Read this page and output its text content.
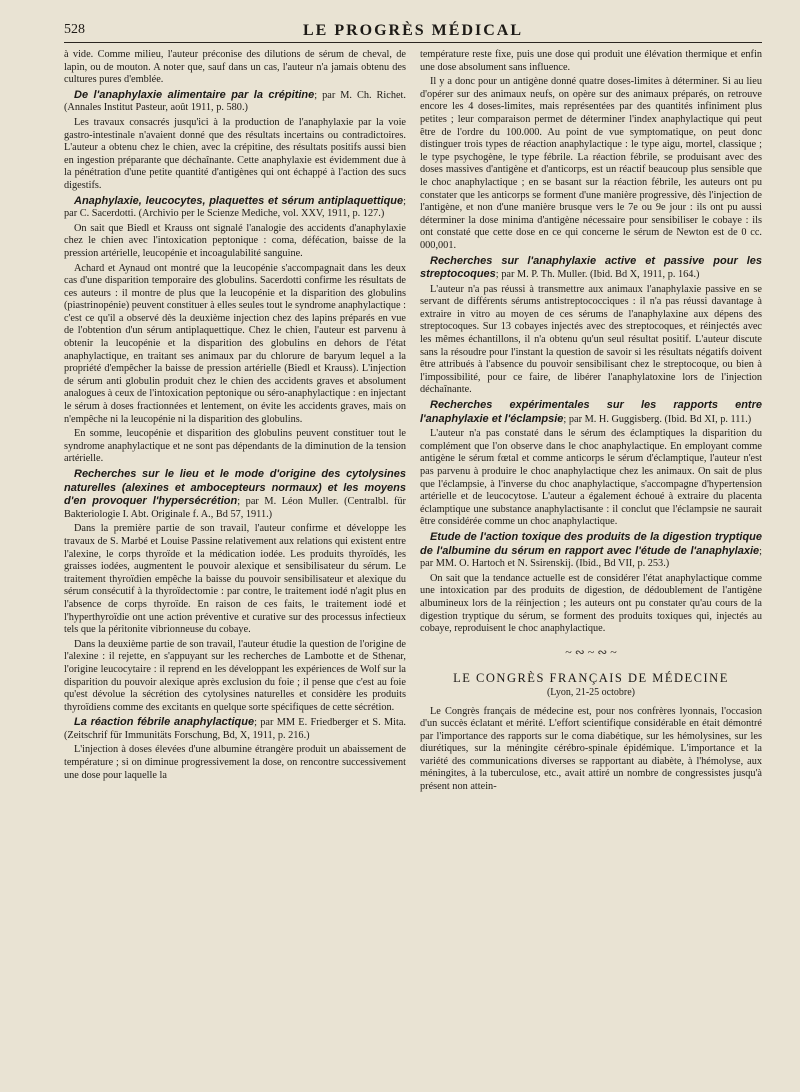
528	LE PROGRÈS MÉDICAL

à vide. Comme milieu, l'auteur préconise des dilutions de sérum de cheval, de lapin, ou de mouton. A noter que, sauf dans un cas, l'auteur n'a jamais obtenu des cultures pures d'emblée.

De l'anaphylaxie alimentaire par la crépitine; par M. Ch. Richet. (Annales Institut Pasteur, août 1911, p. 580.)

Les travaux consacrés jusqu'ici à la production de l'anaphylaxie par la voie gastro-intestinale n'avaient donné que des résultats incertains ou contradictoires. L'auteur a obtenu chez le chien, avec la crépitine, des résultats positifs aussi bien en ingestion préparante que déchaînante. Cette anaphylaxie est évidemment due à la pénétration d'une petite quantité d'antigènes qui ont échappé à l'action des sucs digestifs.

Anaphylaxie, leucocytes, plaquettes et sérum antiplaquettique; par C. Sacerdotti. (Archivio per le Scienze Mediche, vol. XXV, 1911, p. 127.)

On sait que Biedl et Krauss ont signalé l'analogie des accidents d'anaphylaxie chez le chien avec l'intoxication peptonique : coma, défécation, baisse de la pression artérielle, leucopénie et incoagulabilité sanguine.

Achard et Aynaud ont montré que la leucopénie s'accompagnait dans les deux cas d'une disparition temporaire des globulins. Sacerdotti confirme les résultats de ces auteurs : il montre de plus que la leucopénie et la disparition des globulins (piastrinopénie) peuvent constituer à elles seules tout le syndrome anaphylactique : c'est ce qu'il a observé dès la deuxième injection chez des lapins préparés en vue de l'obtention d'un sérum antiplaquettique. Chez le chien, l'auteur est parvenu à obtenir la leucopénie et la disparition des globulins en dehors de l'état anaphylactique, en traitant ses animaux par du chlorure de baryum lequel a la propriété d'empêcher la baisse de pression artérielle (Biedl et Krauss). L'injection de sérum anti globulin produit chez le chien des accidents graves et absolument analogues à ceux de l'intoxication peptonique ou séro-anaphylactique : en injectant le sérum à doses fractionnées et lentement, on évite les accidents graves, mais on n'empêche ni la leucopénie ni la disparition des globulins.

En somme, leucopénie et disparition des globulins peuvent constituer tout le syndrome anaphylactique et ne sont pas dépendants de la diminution de la tension artérielle.

Recherches sur le lieu et le mode d'origine des cytolysines naturelles (alexines et ambocepteurs normaux) et les moyens d'en provoquer l'hypersécrétion; par M. Léon Muller. (Centralbl. für Bakteriologie I. Abt. Originale f. A., Bd 57, 1911.)

Dans la première partie de son travail, l'auteur confirme et développe les travaux de S. Marbé et Louise Passine relativement aux relations qui existent entre l'alexine, le corps thyroïde et la médication iodée. Les produits thyroïdés, les graisses iodées, augmentent le pouvoir alexique et sensibilisateur du sérum. Le traitement thyroïdien empêche la baisse du pouvoir sensibilisateur et alexique du sérum consécutif à la thyroïdectomie : par contre, le traitement iodé n'agit plus en l'absence de corps thyroïde. En raison de ces faits, le traitement iodé et l'hyperthyroïdie ont une action préventive et curative sur des processus infectieux tels que la péritonite vibrionneuse du cobaye.

Dans la deuxième partie de son travail, l'auteur étudie la question de l'origine de l'alexine : il rejette, en s'appuyant sur les recherches de Lambotte et de Sthenar, l'origine leucocytaire : il reprend en les développant les expériences de Wolf sur la disparition du pouvoir alexique après exclusion du foie ; il pense que c'est au foie qu'est dévolue la sécrétion des cytolysines naturelles et considère les produits thyroïdiens comme des excitants en quelque sorte spécifiques de cette sécrétion.

La réaction fébrile anaphylactique; par MM E. Friedberger et S. Mita. (Zeitschrif für Immunitäts Forschung, Bd, X, 1911, p. 216.)

L'injection à doses élevées d'une albumine étrangère produit un abaissement de température ; si on diminue progressivement la dose, on rencontre successivement une dose pour laquelle la

température reste fixe, puis une dose qui produit une élévation thermique et enfin une dose absolument sans influence.

Il y a donc pour un antigène donné quatre doses-limites à déterminer. Si au lieu d'opérer sur des animaux neufs, on opère sur des animaux préparés, on retrouve encore les 4 doses-limites, mais représentées par des quantités infiniment plus petites ; leur comparaison permet de déterminer l'index anaphylactique qui peut être de l'ordre du 100.000. Au point de vue symptomatique, on peut donc distinguer trois types de réaction anaphylactique : le type aigu, mortel, classique ; le type psychogène, le type fébrile. La réaction fébrile, se produisant avec des doses massives d'antigène et d'anticorps, est un réactif beaucoup plus sensible que le choc anaphylactique ; en se basant sur la réaction fébrile, les auteurs ont pu constater que les anticorps se forment d'une manière progressive, dès l'injection de l'antigène, et non d'une manière brusque vers le 7e ou 9e jour : ils ont pu aussi déterminer la dose minima d'antigène nécessaire pour sensibiliser le cobaye : ils ont constaté que cette dose en ce qui concerne le sérum de Newton est de 0 cc. 000,001.

Recherches sur l'anaphylaxie active et passive pour les streptocoques; par M. P. Th. Muller. (Ibid. Bd X, 1911, p. 164.)

L'auteur n'a pas réussi à transmettre aux animaux l'anaphylaxie passive en se servant de différents sérums antistreptococciques : il n'a pas réussi davantage à extraire in vitro au moyen de ces sérums de l'anaphylaxine aux dépens des streptocoques. Sur 13 cobayes injectés avec des streptocoques, et réinjectés avec les mêmes échantillons, il n'a obtenu qu'un seul résultat positif. L'auteur discute sans la résoudre pour l'instant la question de savoir si les résultats négatifs doivent être attribués à l'absence du pouvoir sensibilisant chez le streptocoque, ou bien à l'impossibilité, pour ce faire, de libérer l'anaphylatoxine lors de l'injection déchaînante.

Recherches expérimentales sur les rapports entre l'anaphylaxie et l'éclampsie; par M. H. Guggisberg. (Ibid. Bd XI, p. 111.)

L'auteur n'a pas constaté dans le sérum des éclamptiques la disparition du complément que l'on observe dans le choc anaphylactique. En employant comme antigène le sérum fœtal et comme anticorps le sérum d'éclamptique, l'auteur n'est pas parvenu à produire le choc anaphylactique chez les animaux. On sait de plus que l'éclampsie, à l'inverse du choc anaphylactique, s'accompagne d'hypertension artérielle et de leucocytose. L'auteur a également échoué à extraire du placenta éclamptique une substance anaphylactisante : il conclut que l'éclampsie ne saurait être considérée comme un choc anaphylactique.

Etude de l'action toxique des produits de la digestion tryptique de l'albumine du sérum en rapport avec l'étude de l'anaphylaxie; par MM. O. Hartoch et N. Ssirenskij. (Ibid., Bd VII, p. 253.)

On sait que la tendance actuelle est de considérer l'état anaphylactique comme une intoxication par des produits de digestion, de dédoublement de l'antigène albumineux lors de la réinjection ; les auteurs ont pu constater qu'au cours de la digestion tryptique du sérum, se forment des produits toxiques qui, injectés au cobaye, reproduisent le choc anaphylactique.

~ ∾ ~ ∾ ~
LE CONGRÈS FRANÇAIS DE MÉDECINE
(Lyon, 21-25 octobre)

Le Congrès français de médecine est, pour nos confrères lyonnais, l'occasion d'un succès éclatant et mérité. L'effort scientifique considérable en était démontré par l'importance des rapports sur le coma diabétique, sur les hémolysines, sur les diurétiques, sur la méningite cérébro-spinale épidémique. L'importance et la variété des communications diverses se rapportant au diabète, à l'hémolyse, aux méningites, à la tuberculose, etc., avait attiré un nombre de congressistes jusqu'à présent non attein-
